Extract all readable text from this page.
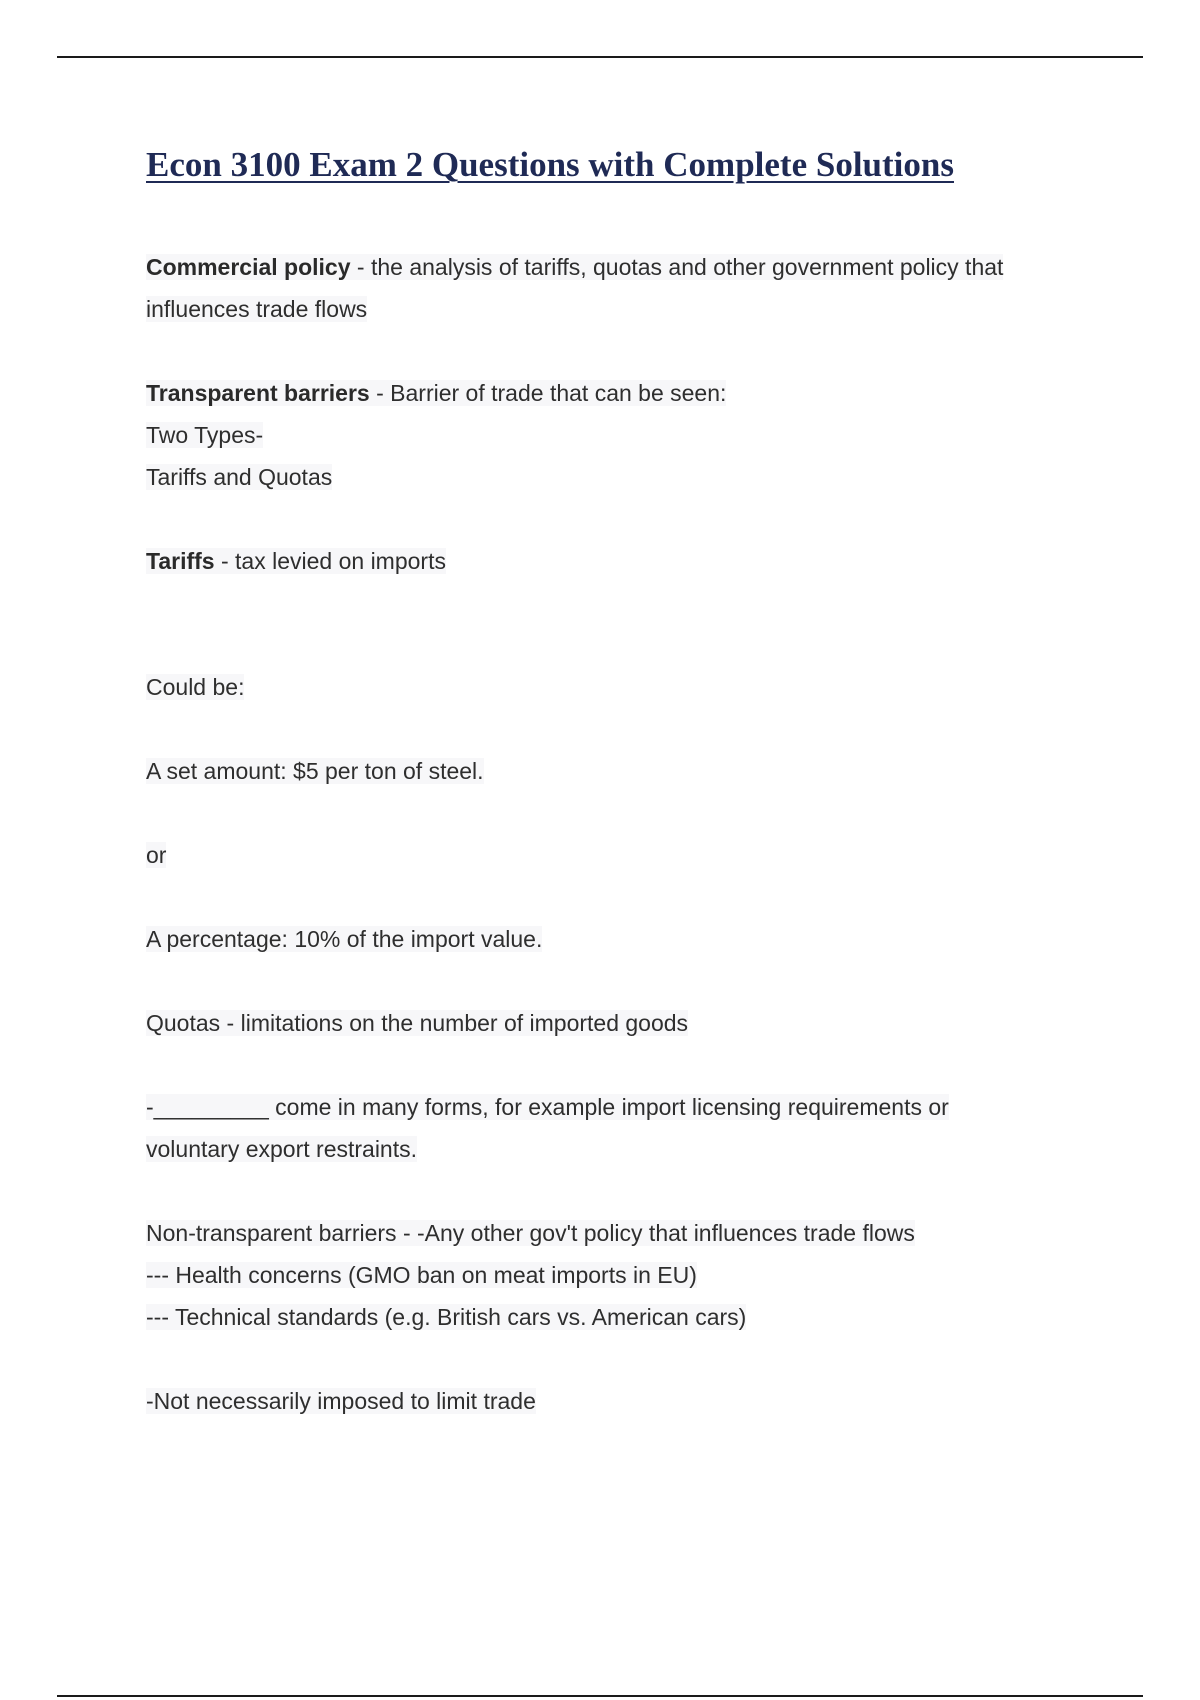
Econ 3100 Exam 2 Questions with Complete Solutions

Commercial policy - the analysis of tariffs, quotas and other government policy that

influences trade flows

Transparent barriers - Barrier of trade that can be seen:

Two Types-

Tariffs and Quotas

Tariffs - tax levied on imports

Could be:

A set amount: $5 per ton of steel.

or

A percentage: 10% of the import value.

Quotas - limitations on the number of imported goods

-_________ come in many forms, for example import licensing requirements or

voluntary export restraints.

Non-transparent barriers - -Any other gov't policy that influences trade flows

--- Health concerns (GMO ban on meat imports in EU)

--- Technical standards (e.g. British cars vs. American cars)

-Not necessarily imposed to limit trade
